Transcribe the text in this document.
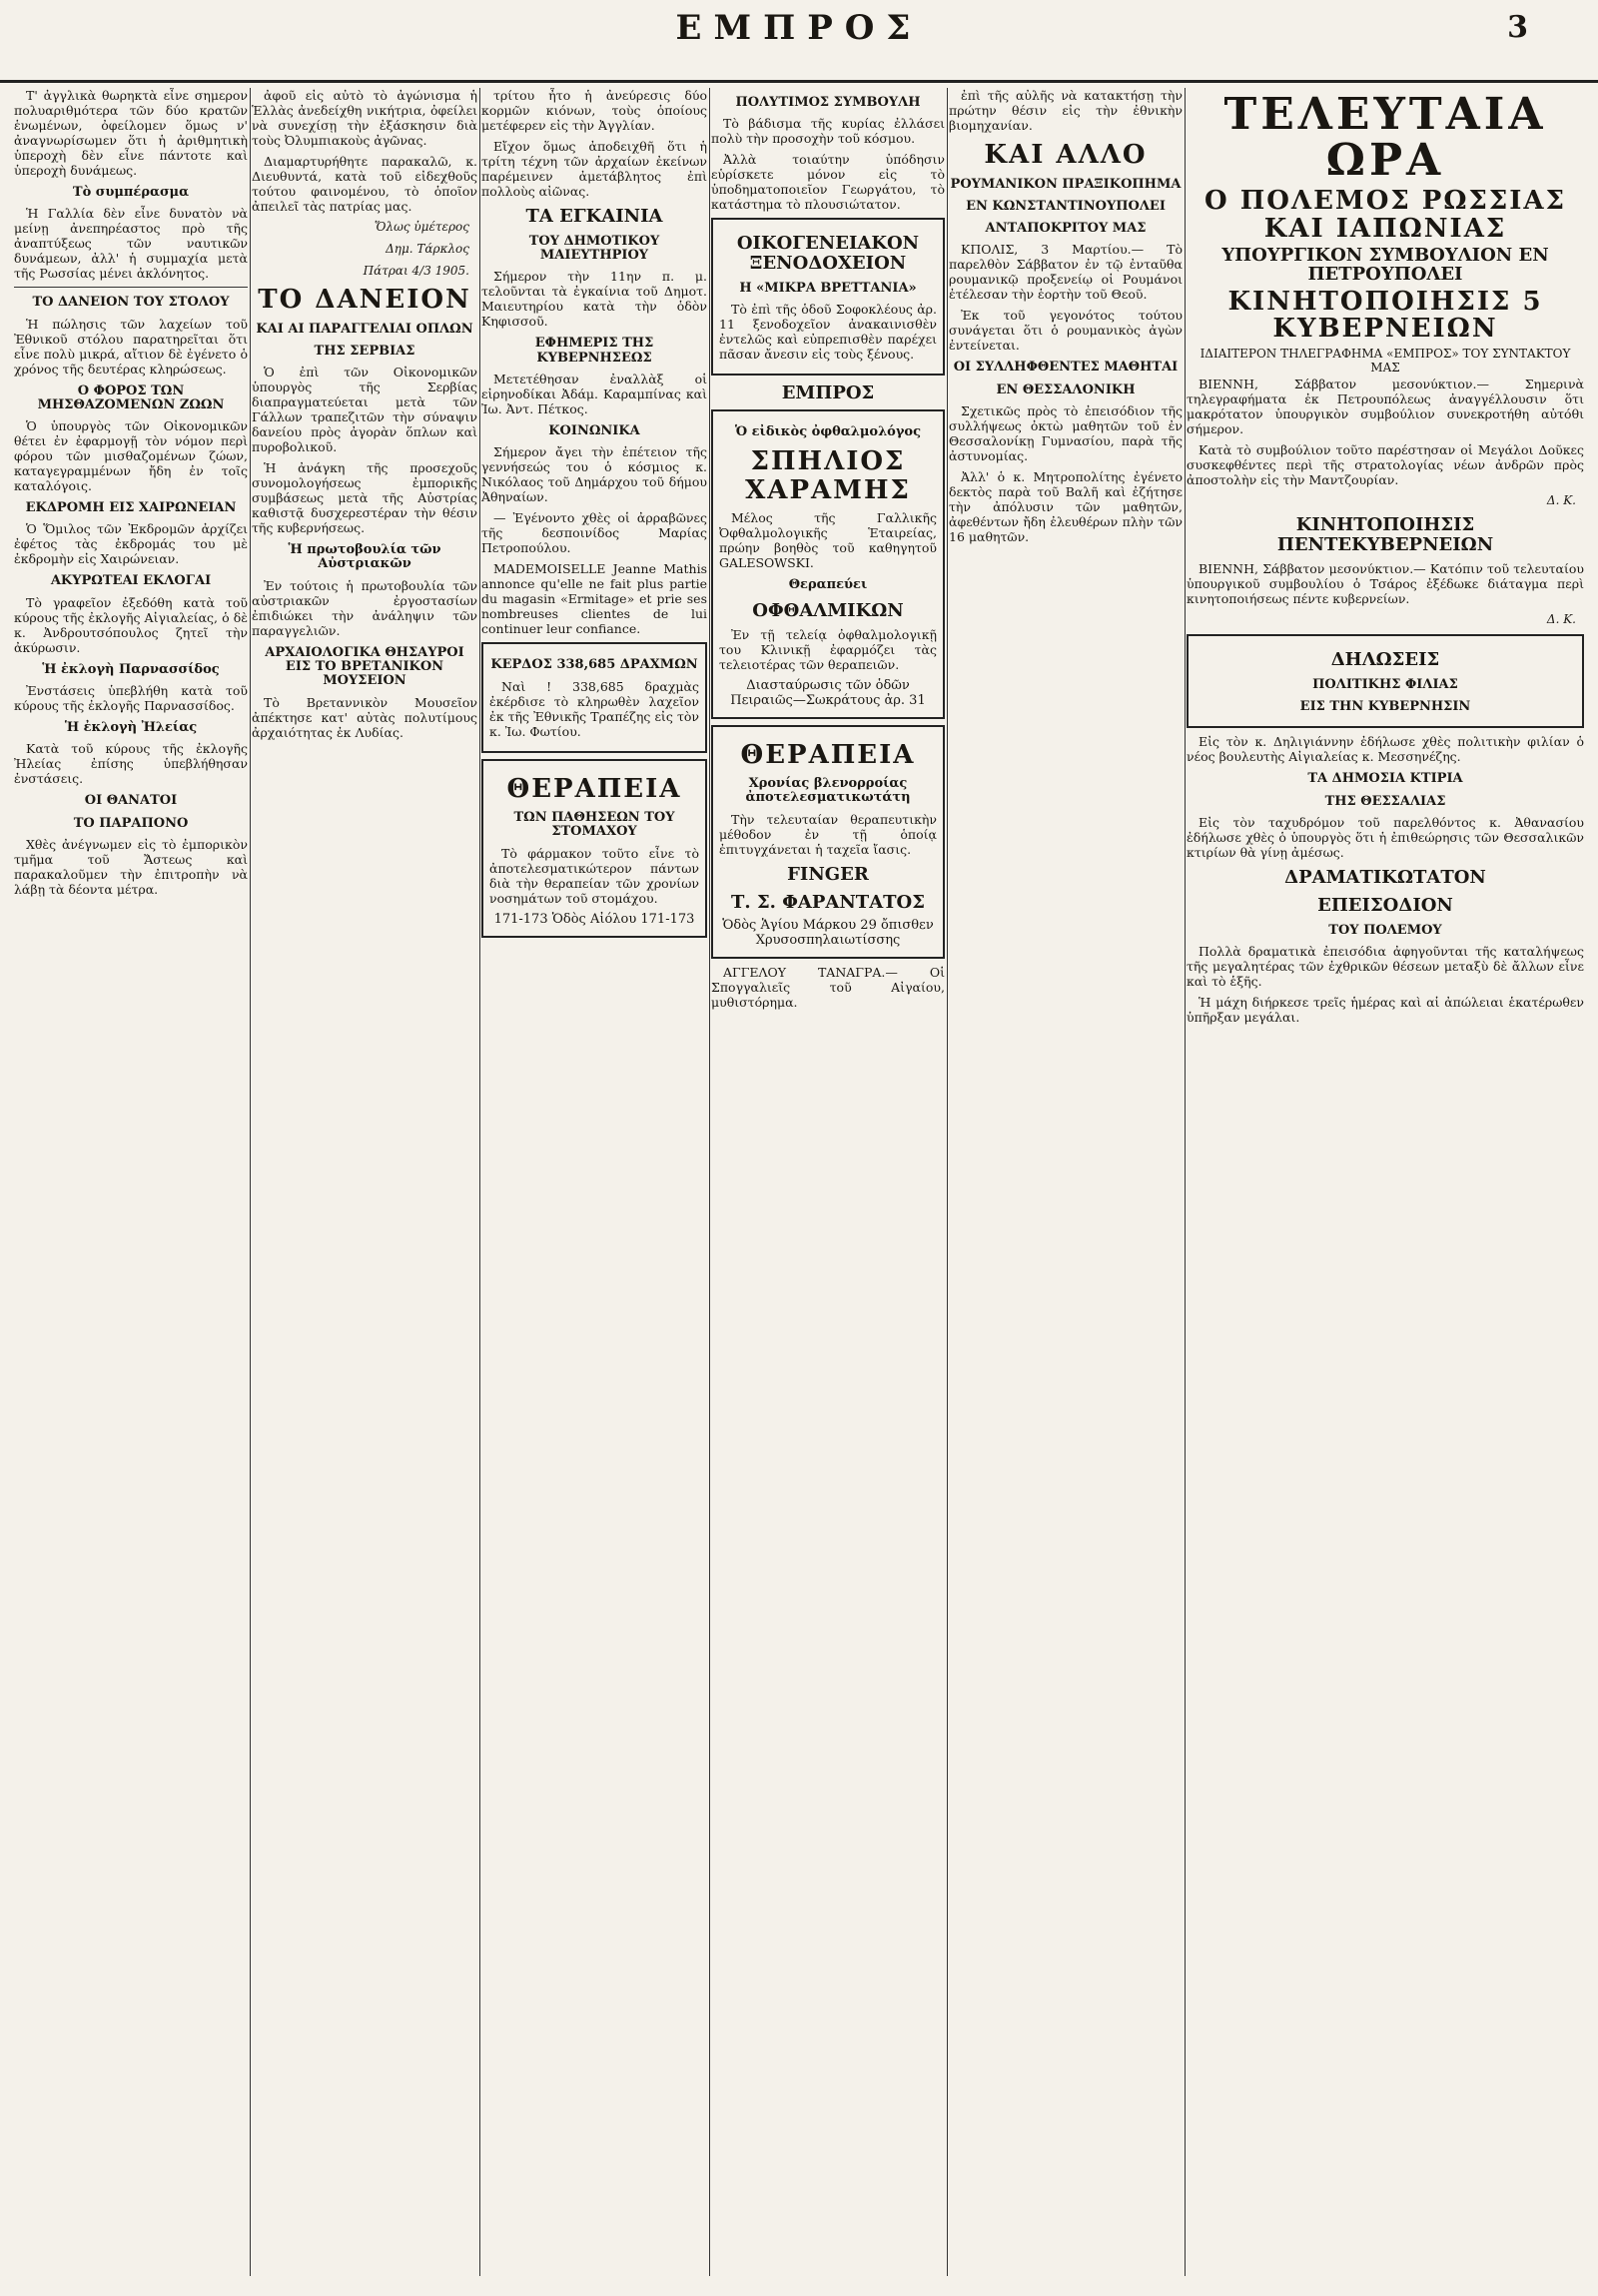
ΕΜΠΡΟΣ	3

Τ' ἀγγλικὰ θωρηκτὰ εἶνε σημερον πολυαριθμότερα τῶν δύο κρατῶν ἑνωμένων, ὀφείλομεν ὅμως ν' ἀναγνωρίσωμεν ὅτι ἡ ἀριθμητικὴ ὑπεροχὴ δὲν εἶνε πάντοτε καὶ ὑπεροχὴ δυνάμεως.

Τὸ συμπέρασμα

Ἡ Γαλλία δὲν εἶνε δυνατὸν νὰ μείνῃ ἀνεπηρέαστος πρὸ τῆς ἀναπτύξεως τῶν ναυτικῶν δυνάμεων, ἀλλ' ἡ συμμαχία μετὰ τῆς Ρωσσίας μένει ἀκλόνητος.

ΤΟ ΔΑΝΕΙΟΝ ΤΟΥ ΣΤΟΛΟΥ

Ἡ πώλησις τῶν λαχείων τοῦ Ἐθνικοῦ στόλου παρατηρεῖται ὅτι εἶνε πολὺ μικρά, αἴτιον δὲ ἐγένετο ὁ χρόνος τῆς δευτέρας κληρώσεως.

Ο ΦΟΡΟΣ ΤΩΝ ΜΗΣΘΑΖΟΜΕΝΩΝ ΖΩΩΝ

Ὁ ὑπουργὸς τῶν Οἰκονομικῶν θέτει ἐν ἐφαρμογῇ τὸν νόμον περὶ φόρου τῶν μισθαζομένων ζώων, καταγεγραμμένων ἤδη ἐν τοῖς καταλόγοις.

ΕΚΔΡΟΜΗ ΕΙΣ ΧΑΙΡΩΝΕΙΑΝ

Ὁ Ὅμιλος τῶν Ἐκδρομῶν ἀρχίζει ἐφέτος τὰς ἐκδρομάς του μὲ ἐκδρομὴν εἰς Χαιρώνειαν.

ΑΚΥΡΩΤΕΑΙ ΕΚΛΟΓΑΙ

Τὸ γραφεῖον ἐξεδόθη κατὰ τοῦ κύρους τῆς ἐκλογῆς Αἰγιαλείας, ὁ δὲ κ. Ἀνδρουτσόπουλος ζητεῖ τὴν ἀκύρωσιν.

Ἡ ἐκλογὴ Παρνασσίδος

Ἐνστάσεις ὑπεβλήθη κατὰ τοῦ κύρους τῆς ἐκλογῆς Παρνασσίδος.

Ἡ ἐκλογὴ Ἠλείας

Κατὰ τοῦ κύρους τῆς ἐκλογῆς Ἠλείας ἐπίσης ὑπεβλήθησαν ἐνστάσεις.

ΟΙ ΘΑΝΑΤΟΙ
ΤΟ ΠΑΡΑΠΟΝΟ

Χθὲς ἀνέγνωμεν εἰς τὸ ἐμπορικὸν τμῆμα τοῦ Ἄστεως καὶ παρακαλοῦμεν τὴν ἐπιτροπὴν νὰ λάβῃ τὰ δέοντα μέτρα.

ἀφοῦ εἰς αὐτὸ τὸ ἀγώνισμα ἡ Ἑλλὰς ἀνεδείχθη νικήτρια, ὀφείλει νὰ συνεχίσῃ τὴν ἐξάσκησιν διὰ τοὺς Ὀλυμπιακοὺς ἀγῶνας.

Διαμαρτυρήθητε παρακαλῶ, κ. Διευθυντά, κατὰ τοῦ εἰδεχθοῦς τούτου φαινομένου, τὸ ὁποῖον ἀπειλεῖ τὰς πατρίας μας.

Ὅλως ὑμέτερος
Δημ. Τάρκλος
Πάτραι 4/3 1905.
ΤΟ ΔΑΝΕΙΟΝ
ΚΑΙ ΑΙ ΠΑΡΑΓΓΕΛΙΑΙ ΟΠΛΩΝ
ΤΗΣ ΣΕΡΒΙΑΣ

Ὁ ἐπὶ τῶν Οἰκονομικῶν ὑπουργὸς τῆς Σερβίας διαπραγματεύεται μετὰ τῶν Γάλλων τραπεζιτῶν τὴν σύναψιν δανείου πρὸς ἀγορὰν ὅπλων καὶ πυροβολικοῦ.

Ἡ ἀνάγκη τῆς προσεχοῦς συνομολογήσεως ἐμπορικῆς συμβάσεως μετὰ τῆς Αὐστρίας καθιστᾷ δυσχερεστέραν τὴν θέσιν τῆς κυβερνήσεως.

Ἡ πρωτοβουλία τῶν Αὐστριακῶν

Ἐν τούτοις ἡ πρωτοβουλία τῶν αὐστριακῶν ἐργοστασίων ἐπιδιώκει τὴν ἀνάληψιν τῶν παραγγελιῶν.

ΑΡΧΑΙΟΛΟΓΙΚΑ ΘΗΣΑΥΡΟΙ ΕΙΣ ΤΟ ΒΡΕΤΑΝΙΚΟΝ ΜΟΥΣΕΙΟΝ

Τὸ Βρεταννικὸν Μουσεῖον ἀπέκτησε κατ' αὐτὰς πολυτίμους ἀρχαιότητας ἐκ Λυδίας.

τρίτου ἦτο ἡ ἀνεύρεσις δύο κορμῶν κιόνων, τοὺς ὁποίους μετέφερεν εἰς τὴν Ἀγγλίαν.

Εἴχον ὅμως ἀποδειχθῆ ὅτι ἡ τρίτη τέχνη τῶν ἀρχαίων ἐκείνων παρέμεινεν ἀμετάβλητος ἐπὶ πολλοὺς αἰῶνας.

ΤΑ ΕΓΚΑΙΝΙΑ
ΤΟΥ ΔΗΜΟΤΙΚΟΥ ΜΑΙΕΥΤΗΡΙΟΥ

Σήμερον τὴν 11ην π. μ. τελοῦνται τὰ ἐγκαίνια τοῦ Δημοτ. Μαιευτηρίου κατὰ τὴν ὁδὸν Κηφισσοῦ.

ΕΦΗΜΕΡΙΣ ΤΗΣ ΚΥΒΕΡΝΗΣΕΩΣ

Μετετέθησαν ἐναλλὰξ οἱ εἰρηνοδίκαι Ἀδάμ. Καραμπίνας καὶ Ἰω. Ἀντ. Πέτκος.

ΚΟΙΝΩΝΙΚΑ

Σήμερον ἄγει τὴν ἐπέτειον τῆς γεννήσεώς του ὁ κόσμιος κ. Νικόλαος τοῦ Δημάρχου τοῦ δήμου Ἀθηναίων.

— Ἐγένοντο χθὲς οἱ ἀρραβῶνες τῆς δεσποινίδος Μαρίας Πετροπούλου.

MADEMOISELLE Jeanne Mathis annonce qu'elle ne fait plus partie du magasin «Ermitage» et prie ses nombreuses clientes de lui continuer leur confiance.

ΚΕΡΔΟΣ 338,685 ΔΡΑΧΜΩΝ

Ναὶ ! 338,685 δραχμὰς ἐκέρδισε τὸ κληρωθὲν λαχεῖον ἐκ τῆς Ἐθνικῆς Τραπέζης εἰς τὸν κ. Ἰω. Φωτίου.

ΘΕΡΑΠΕΙΑ
ΤΩΝ ΠΑΘΗΣΕΩΝ ΤΟΥ ΣΤΟΜΑΧΟΥ

Τὸ φάρμακον τοῦτο εἶνε τὸ ἀποτελεσματικώτερον πάντων διὰ τὴν θεραπείαν τῶν χρονίων νοσημάτων τοῦ στομάχου.

171-173 Ὁδὸς Αἰόλου 171-173
ΠΟΛΥΤΙΜΟΣ ΣΥΜΒΟΥΛΗ

Τὸ βάδισμα τῆς κυρίας ἐλλάσει πολὺ τὴν προσοχὴν τοῦ κόσμου.

Ἀλλὰ τοιαύτην ὑπόδησιν εὑρίσκετε μόνον εἰς τὸ ὑποδηματοποιεῖον Γεωργάτου, τὸ κατάστημα τὸ πλουσιώτατον.

ΟΙΚΟΓΕΝΕΙΑΚΟΝ ΞΕΝΟΔΟΧΕΙΟΝ
Η «ΜΙΚΡΑ ΒΡΕΤΤΑΝΙΑ»

Τὸ ἐπὶ τῆς ὁδοῦ Σοφοκλέους ἀρ. 11 ξενοδοχεῖον ἀνακαινισθὲν ἐντελῶς καὶ εὐπρεπισθὲν παρέχει πᾶσαν ἄνεσιν εἰς τοὺς ξένους.

ΕΜΠΡΟΣ
Ὁ εἰδικὸς ὀφθαλμολόγος
ΣΠΗΛΙΟΣ ΧΑΡΑΜΗΣ

Μέλος τῆς Γαλλικῆς Ὀφθαλμολογικῆς Ἑταιρείας, πρώην βοηθὸς τοῦ καθηγητοῦ GALESOWSKI.

Θεραπεύει
ΟΦΘΑΛΜΙΚΩΝ

Ἐν τῇ τελείᾳ ὀφθαλμολογικῇ του Κλινικῇ ἐφαρμόζει τὰς τελειοτέρας τῶν θεραπειῶν.

Διασταύρωσις τῶν ὁδῶν Πειραιῶς—Σωκράτους ἀρ. 31
ΘΕΡΑΠΕΙΑ
Χρονίας βλενορροίας ἀποτελεσματικωτάτη

Τὴν τελευταίαν θεραπευτικὴν μέθοδον ἐν τῇ ὁποίᾳ ἐπιτυγχάνεται ἡ ταχεῖα ἴασις.

FINGER
Τ. Σ. ΦΑΡΑΝΤΑΤΟΣ
Ὁδὸς Ἁγίου Μάρκου 29 ὄπισθεν Χρυσοσπηλαιωτίσσης

ΑΓΓΕΛΟΥ ΤΑΝΑΓΡΑ.— Οἱ Σπογγαλιεῖς τοῦ Αἰγαίου, μυθιστόρημα.

ἐπὶ τῆς αὐλῆς νὰ κατακτήσῃ τὴν πρώτην θέσιν εἰς τὴν ἐθνικὴν βιομηχανίαν.

ΚΑΙ ΑΛΛΟ
ΡΟΥΜΑΝΙΚΟΝ ΠΡΑΞΙΚΟΠΗΜΑ
ΕΝ ΚΩΝΣΤΑΝΤΙΝΟΥΠΟΛΕΙ
ΑΝΤΑΠΟΚΡΙΤΟΥ ΜΑΣ

ΚΠΟΛΙΣ, 3 Μαρτίου.— Τὸ παρελθὸν Σάββατον ἐν τῷ ἐνταῦθα ρουμανικῷ προξενείῳ οἱ Ρουμάνοι ἐτέλεσαν τὴν ἑορτὴν τοῦ Θεοῦ.

Ἐκ τοῦ γεγονότος τούτου συνάγεται ὅτι ὁ ρουμανικὸς ἀγὼν ἐντείνεται.

ΟΙ ΣΥΛΛΗΦΘΕΝΤΕΣ ΜΑΘΗΤΑΙ
ΕΝ ΘΕΣΣΑΛΟΝΙΚΗ

Σχετικῶς πρὸς τὸ ἐπεισόδιον τῆς συλλήψεως ὀκτὼ μαθητῶν τοῦ ἐν Θεσσαλονίκῃ Γυμνασίου, παρὰ τῆς ἀστυνομίας.

Ἀλλ' ὁ κ. Μητροπολίτης ἐγένετο δεκτὸς παρὰ τοῦ Βαλῆ καὶ ἐζήτησε τὴν ἀπόλυσιν τῶν μαθητῶν, ἀφεθέντων ἤδη ἐλευθέρων πλὴν τῶν 16 μαθητῶν.

ΤΕΛΕΥΤΑΙΑ ΩΡΑ
Ο ΠΟΛΕΜΟΣ ΡΩΣΣΙΑΣ ΚΑΙ ΙΑΠΩΝΙΑΣ
ΥΠΟΥΡΓΙΚΟΝ ΣΥΜΒΟΥΛΙΟΝ ΕΝ ΠΕΤΡΟΥΠΟΛΕΙ
ΚΙΝΗΤΟΠΟΙΗΣΙΣ 5 ΚΥΒΕΡΝΕΙΩΝ
ΙΔΙΑΙΤΕΡΟΝ ΤΗΛΕΓΡΑΦΗΜΑ «ΕΜΠΡΟΣ» ΤΟΥ ΣΥΝΤΑΚΤΟΥ ΜΑΣ

ΒΙΕΝΝΗ, Σάββατον μεσονύκτιον.— Σημερινὰ τηλεγραφήματα ἐκ Πετρουπόλεως ἀναγγέλλουσιν ὅτι μακρότατον ὑπουργικὸν συμβούλιον συνεκροτήθη αὐτόθι σήμερον.

Κατὰ τὸ συμβούλιον τοῦτο παρέστησαν οἱ Μεγάλοι Δοῦκες συσκεφθέντες περὶ τῆς στρατολογίας νέων ἀνδρῶν πρὸς ἀποστολὴν εἰς τὴν Μαντζουρίαν.

Δ. Κ.
ΚΙΝΗΤΟΠΟΙΗΣΙΣ ΠΕΝΤΕΚΥΒΕΡΝΕΙΩΝ

ΒΙΕΝΝΗ, Σάββατον μεσονύκτιον.— Κατόπιν τοῦ τελευταίου ὑπουργικοῦ συμβουλίου ὁ Τσάρος ἐξέδωκε διάταγμα περὶ κινητοποιήσεως πέντε κυβερνείων.

Δ. Κ.
ΔΗΛΩΣΕΙΣ
ΠΟΛΙΤΙΚΗΣ ΦΙΛΙΑΣ
ΕΙΣ ΤΗΝ ΚΥΒΕΡΝΗΣΙΝ

Εἰς τὸν κ. Δηλιγιάννην ἐδήλωσε χθὲς πολιτικὴν φιλίαν ὁ νέος βουλευτὴς Αἰγιαλείας κ. Μεσσηνέζης.

ΤΑ ΔΗΜΟΣΙΑ ΚΤΙΡΙΑ
ΤΗΣ ΘΕΣΣΑΛΙΑΣ

Εἰς τὸν ταχυδρόμον τοῦ παρελθόντος κ. Ἀθανασίου ἐδήλωσε χθὲς ὁ ὑπουργὸς ὅτι ἡ ἐπιθεώρησις τῶν Θεσσαλικῶν κτιρίων θὰ γίνῃ ἀμέσως.

ΔΡΑΜΑΤΙΚΩΤΑΤΟΝ
ΕΠΕΙΣΟΔΙΟΝ
ΤΟΥ ΠΟΛΕΜΟΥ

Πολλὰ δραματικὰ ἐπεισόδια ἀφηγοῦνται τῆς καταλήψεως τῆς μεγαλητέρας τῶν ἐχθρικῶν θέσεων μεταξὺ δὲ ἄλλων εἶνε καὶ τὸ ἑξῆς.

Ἡ μάχη διήρκεσε τρεῖς ἡμέρας καὶ αἱ ἀπώλειαι ἑκατέρωθεν ὑπῆρξαν μεγάλαι.
